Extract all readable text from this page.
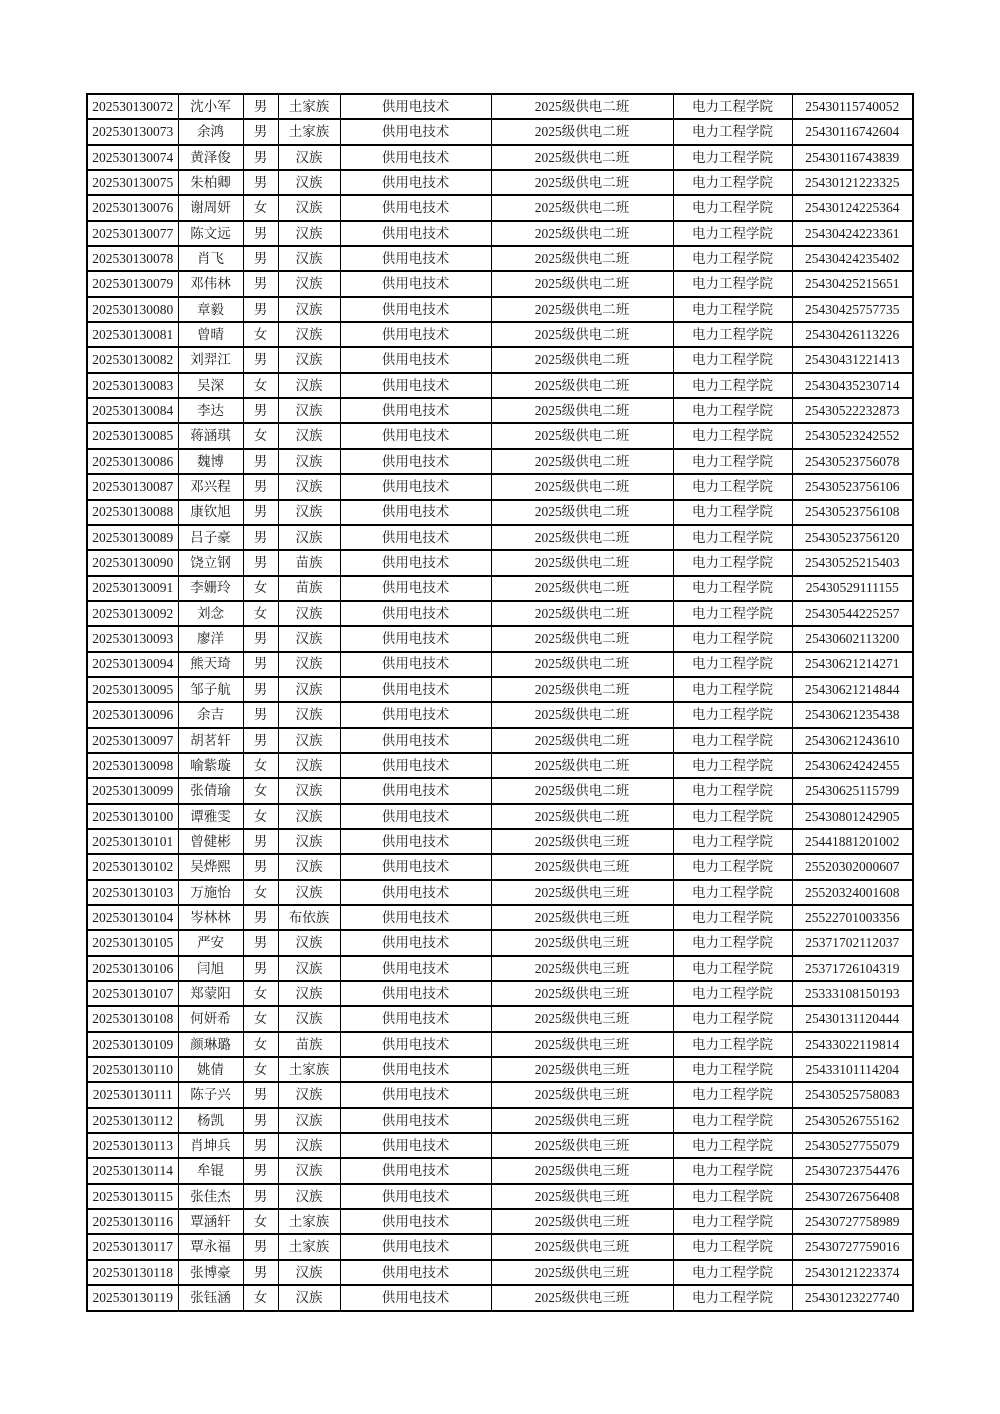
202530130072	沈小军	男	土家族	供用电技术	2025级供电二班	电力工程学院	25430115740052
202530130073	余鸿	男	土家族	供用电技术	2025级供电二班	电力工程学院	25430116742604
202530130074	黄泽俊	男	汉族	供用电技术	2025级供电二班	电力工程学院	25430116743839
202530130075	朱柏卿	男	汉族	供用电技术	2025级供电二班	电力工程学院	25430121223325
202530130076	谢周妍	女	汉族	供用电技术	2025级供电二班	电力工程学院	25430124225364
202530130077	陈文远	男	汉族	供用电技术	2025级供电二班	电力工程学院	25430424223361
202530130078	肖飞	男	汉族	供用电技术	2025级供电二班	电力工程学院	25430424235402
202530130079	邓伟林	男	汉族	供用电技术	2025级供电二班	电力工程学院	25430425215651
202530130080	章毅	男	汉族	供用电技术	2025级供电二班	电力工程学院	25430425757735
202530130081	曾晴	女	汉族	供用电技术	2025级供电二班	电力工程学院	25430426113226
202530130082	刘羿江	男	汉族	供用电技术	2025级供电二班	电力工程学院	25430431221413
202530130083	吴深	女	汉族	供用电技术	2025级供电二班	电力工程学院	25430435230714
202530130084	李达	男	汉族	供用电技术	2025级供电二班	电力工程学院	25430522232873
202530130085	蒋涵琪	女	汉族	供用电技术	2025级供电二班	电力工程学院	25430523242552
202530130086	魏博	男	汉族	供用电技术	2025级供电二班	电力工程学院	25430523756078
202530130087	邓兴程	男	汉族	供用电技术	2025级供电二班	电力工程学院	25430523756106
202530130088	康钦旭	男	汉族	供用电技术	2025级供电二班	电力工程学院	25430523756108
202530130089	吕子豪	男	汉族	供用电技术	2025级供电二班	电力工程学院	25430523756120
202530130090	饶立钢	男	苗族	供用电技术	2025级供电二班	电力工程学院	25430525215403
202530130091	李姗玲	女	苗族	供用电技术	2025级供电二班	电力工程学院	25430529111155
202530130092	刘念	女	汉族	供用电技术	2025级供电二班	电力工程学院	25430544225257
202530130093	廖洋	男	汉族	供用电技术	2025级供电二班	电力工程学院	25430602113200
202530130094	熊天琦	男	汉族	供用电技术	2025级供电二班	电力工程学院	25430621214271
202530130095	邹子航	男	汉族	供用电技术	2025级供电二班	电力工程学院	25430621214844
202530130096	余吉	男	汉族	供用电技术	2025级供电二班	电力工程学院	25430621235438
202530130097	胡茗轩	男	汉族	供用电技术	2025级供电二班	电力工程学院	25430621243610
202530130098	喻紫璇	女	汉族	供用电技术	2025级供电二班	电力工程学院	25430624242455
202530130099	张倩瑜	女	汉族	供用电技术	2025级供电二班	电力工程学院	25430625115799
202530130100	谭雅雯	女	汉族	供用电技术	2025级供电二班	电力工程学院	25430801242905
202530130101	曾健彬	男	汉族	供用电技术	2025级供电三班	电力工程学院	25441881201002
202530130102	吴烨熙	男	汉族	供用电技术	2025级供电三班	电力工程学院	25520302000607
202530130103	万施怡	女	汉族	供用电技术	2025级供电三班	电力工程学院	25520324001608
202530130104	岑林林	男	布依族	供用电技术	2025级供电三班	电力工程学院	25522701003356
202530130105	严安	男	汉族	供用电技术	2025级供电三班	电力工程学院	25371702112037
202530130106	闫旭	男	汉族	供用电技术	2025级供电三班	电力工程学院	25371726104319
202530130107	郑蒙阳	女	汉族	供用电技术	2025级供电三班	电力工程学院	25333108150193
202530130108	何妍希	女	汉族	供用电技术	2025级供电三班	电力工程学院	25430131120444
202530130109	颜琳璐	女	苗族	供用电技术	2025级供电三班	电力工程学院	25433022119814
202530130110	姚倩	女	土家族	供用电技术	2025级供电三班	电力工程学院	25433101114204
202530130111	陈子兴	男	汉族	供用电技术	2025级供电三班	电力工程学院	25430525758083
202530130112	杨凯	男	汉族	供用电技术	2025级供电三班	电力工程学院	25430526755162
202530130113	肖坤兵	男	汉族	供用电技术	2025级供电三班	电力工程学院	25430527755079
202530130114	牟锟	男	汉族	供用电技术	2025级供电三班	电力工程学院	25430723754476
202530130115	张佳杰	男	汉族	供用电技术	2025级供电三班	电力工程学院	25430726756408
202530130116	覃涵轩	女	土家族	供用电技术	2025级供电三班	电力工程学院	25430727758989
202530130117	覃永福	男	土家族	供用电技术	2025级供电三班	电力工程学院	25430727759016
202530130118	张博豪	男	汉族	供用电技术	2025级供电三班	电力工程学院	25430121223374
202530130119	张钰涵	女	汉族	供用电技术	2025级供电三班	电力工程学院	25430123227740
